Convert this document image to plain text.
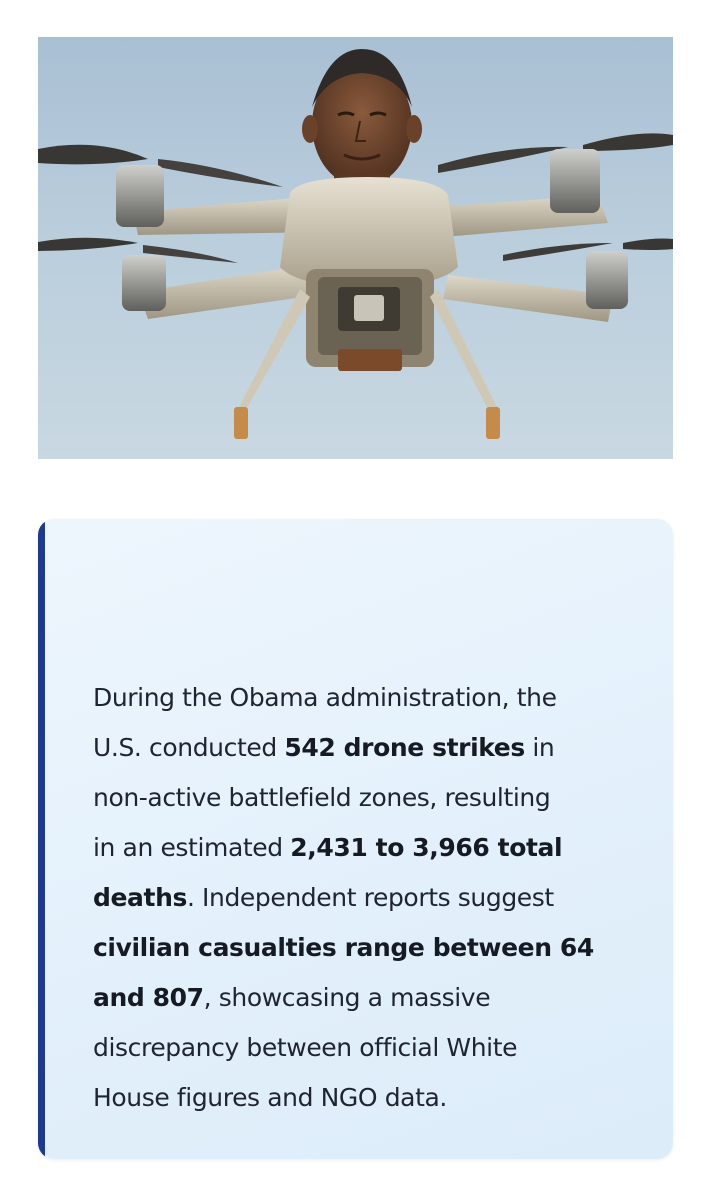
During the Obama administration, the
U.S. conducted 542 drone strikes in
non-active battlefield zones, resulting
in an estimated 2,431 to 3,966 total
deaths. Independent reports suggest
civilian casualties range between 64
and 807, showcasing a massive
discrepancy between official White
House figures and NGO data.
